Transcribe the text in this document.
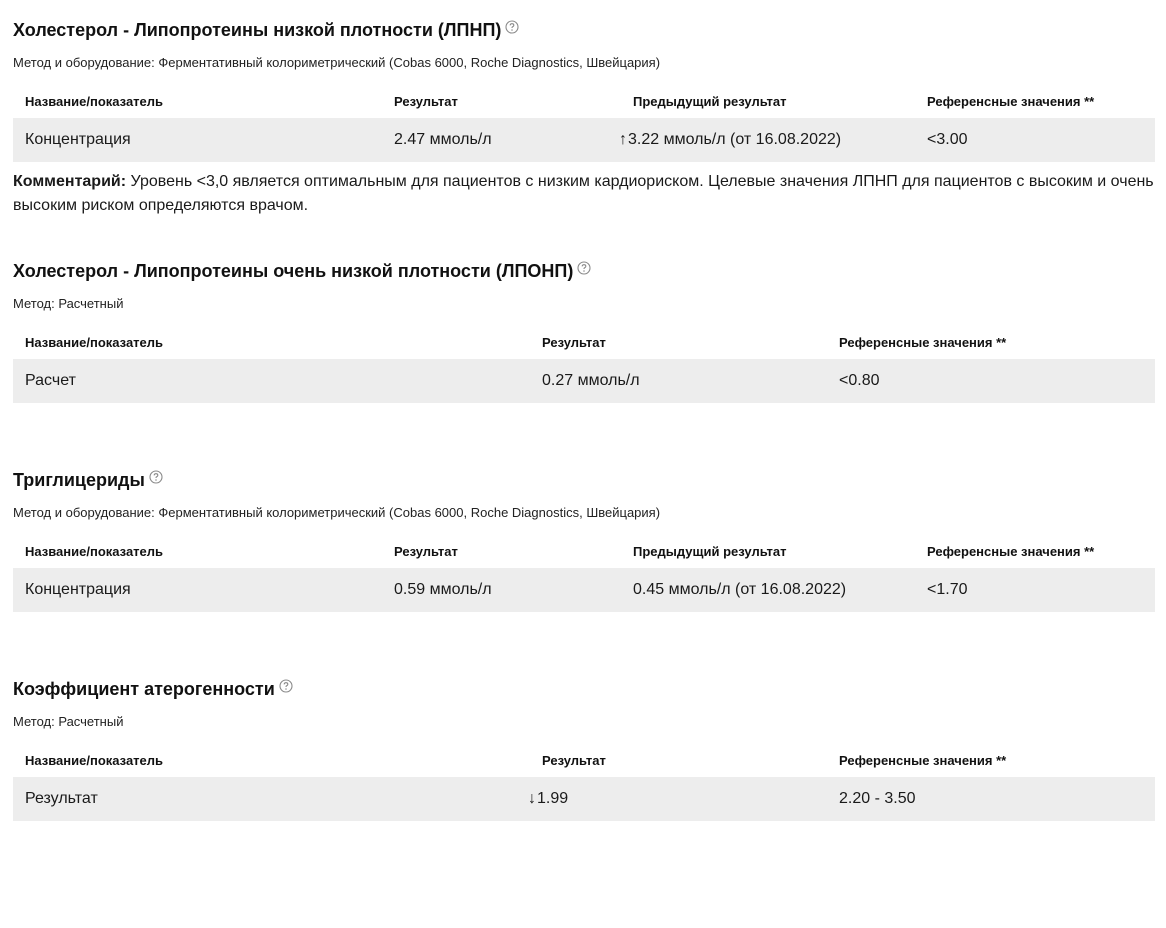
Холестерол - Липопротеины низкой плотности (ЛПНП)
Метод и оборудование: Ферментативный колориметрический (Cobas 6000, Roche Diagnostics, Швейцария)
Название/показатель	Результат	Предыдущий результат	Референсные значения **
Концентрация	2.47 ммоль/л	↑3.22 ммоль/л (от 16.08.2022)	<3.00
Комментарий: Уровень <3,0 является оптимальным для пациентов с низким кардиориском. Целевые значения ЛПНП для пациентов с высоким и очень высоким риском определяются врачом.
Холестерол - Липопротеины очень низкой плотности (ЛПОНП)
Метод: Расчетный
Название/показатель	Результат	Референсные значения **
Расчет	0.27 ммоль/л	<0.80
Триглицериды
Метод и оборудование: Ферментативный колориметрический (Cobas 6000, Roche Diagnostics, Швейцария)
Название/показатель	Результат	Предыдущий результат	Референсные значения **
Концентрация	0.59 ммоль/л	0.45 ммоль/л (от 16.08.2022)	<1.70
Коэффициент атерогенности
Метод: Расчетный
Название/показатель	Результат	Референсные значения **
Результат	↓1.99	2.20 - 3.50
